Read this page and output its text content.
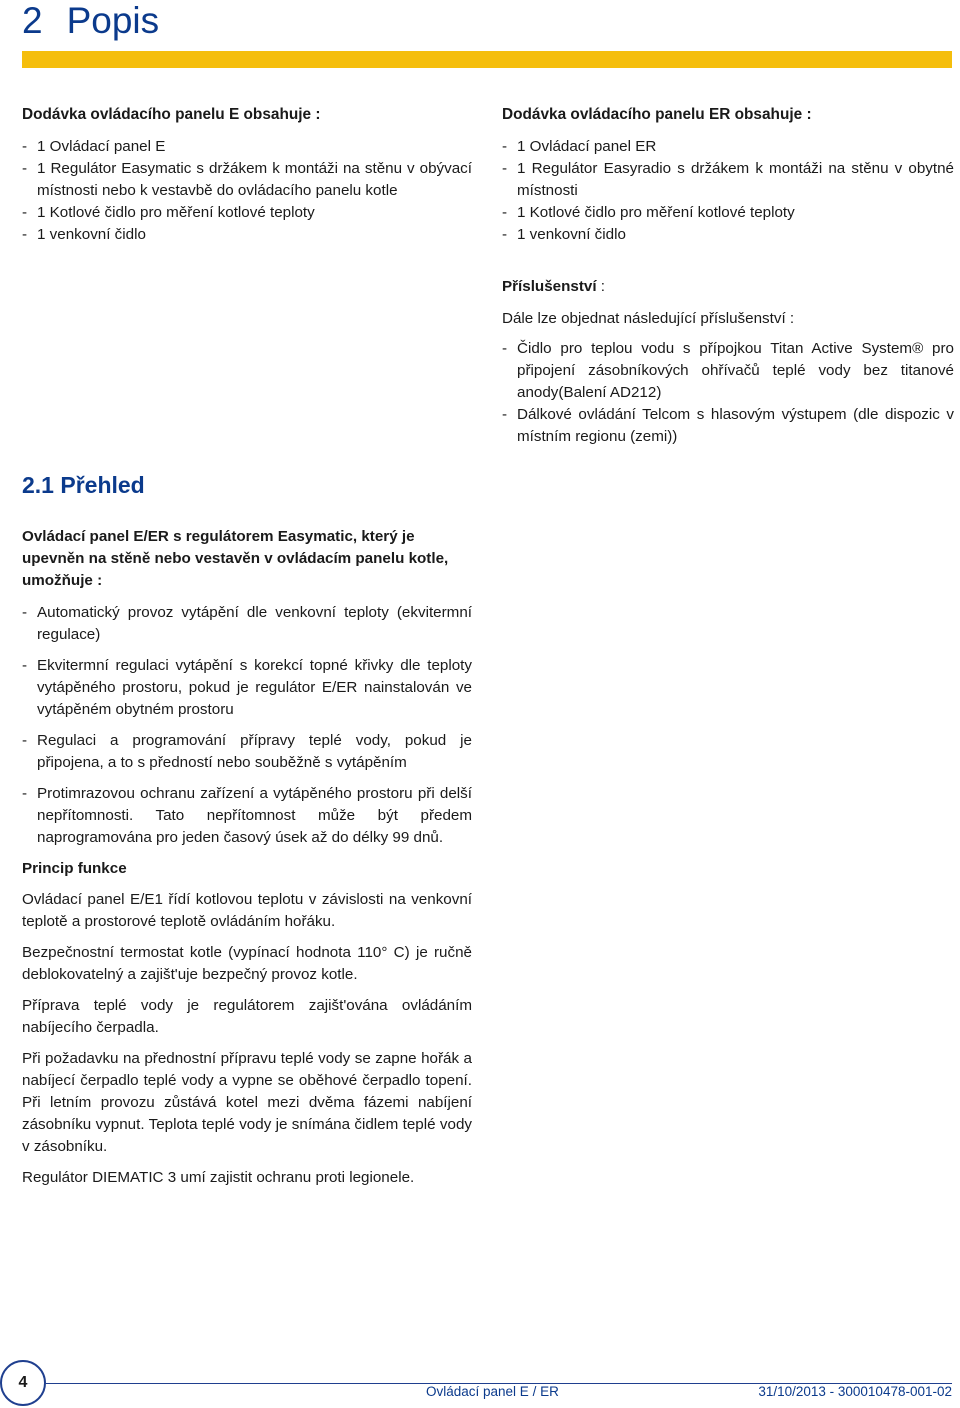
2 Popis

Dodávka ovládacího panelu E obsahuje :

- 1 Ovládací panel E
- 1 Regulátor Easymatic s držákem k montáži na stěnu v obývací místnosti nebo k vestavbě do ovládacího panelu kotle
- 1 Kotlové čidlo pro měření kotlové teploty
- 1 venkovní čidlo

Dodávka ovládacího panelu ER obsahuje :

- 1 Ovládací panel ER
- 1 Regulátor Easyradio s držákem k montáži na stěnu v obytné místnosti
- 1 Kotlové čidlo pro měření kotlové teploty
- 1 venkovní čidlo

Příslušenství :

Dále lze objednat následující příslušenství :

- Čidlo pro teplou vodu s přípojkou Titan Active System® pro připojení zásobníkových ohřívačů teplé vody bez titanové anody(Balení AD212)
- Dálkové ovládání Telcom s hlasovým výstupem (dle dispozic v místním regionu (zemi))
2.1 Přehled

Ovládací panel E/ER s regulátorem Easymatic, který je upevněn na stěně nebo vestavěn v ovládacím panelu kotle, umožňuje :

- Automatický provoz vytápění dle venkovní teploty (ekvitermní regulace)
- Ekvitermní regulaci vytápění s korekcí topné křivky dle teploty vytápěného prostoru, pokud je regulátor E/ER nainstalován ve vytápěném obytném prostoru
- Regulaci a programování přípravy teplé vody, pokud je připojena, a to s předností nebo souběžně s vytápěním
- Protimrazovou ochranu zařízení a vytápěného prostoru při delší nepřítomnosti. Tato nepřítomnost může být předem naprogramována pro jeden časový úsek až do délky 99 dnů.

Princip funkce

Ovládací panel E/E1 řídí kotlovou teplotu v závislosti na venkovní teplotě a prostorové teplotě ovládáním hořáku.

Bezpečnostní termostat kotle (vypínací hodnota 110° C) je ručně deblokovatelný a zajišt'uje bezpečný provoz kotle.

Příprava teplé vody je regulátorem zajišt'ována ovládáním nabíjecího čerpadla.

Při požadavku na přednostní přípravu teplé vody se zapne hořák a nabíjecí čerpadlo teplé vody a vypne se oběhové čerpadlo topení. Při letním provozu zůstává kotel mezi dvěma fázemi nabíjení zásobníku vypnut. Teplota teplé vody je snímána čidlem teplé vody v zásobníku.

Regulátor DIEMATIC 3 umí zajistit ochranu proti legionele.

4
Ovládací panel E / ER	31/10/2013 - 300010478-001-02
